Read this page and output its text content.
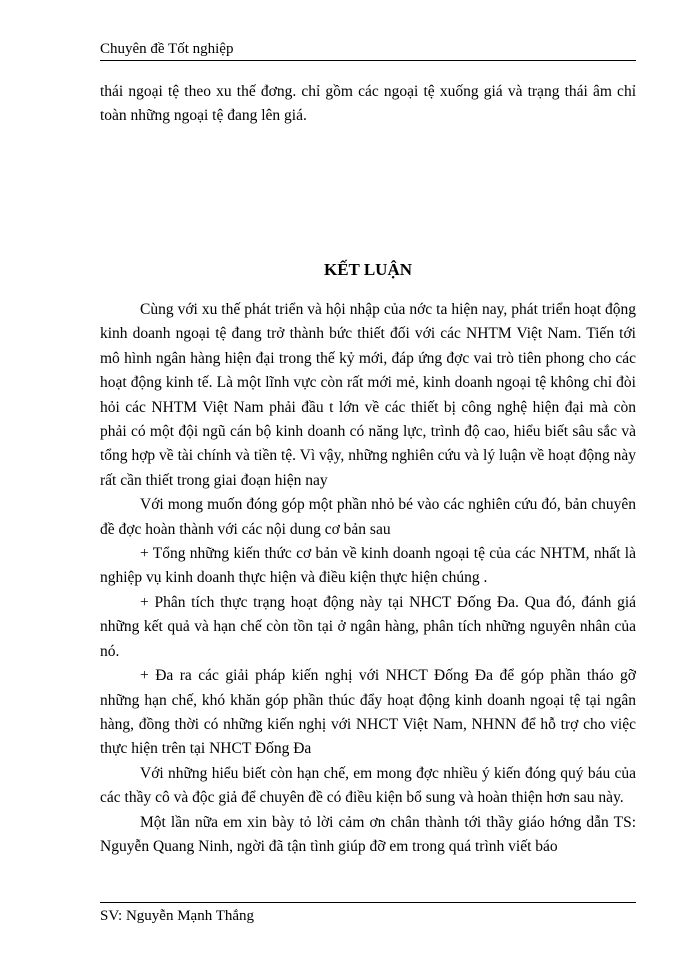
Chuyên đề Tốt nghiệp
thái ngoại tệ theo xu thế đơng. chỉ gồm các ngoại tệ xuống giá và trạng thái âm chỉ toàn những ngoại tệ đang lên giá.
KẾT LUẬN

Cùng với xu thế phát triển và hội nhập của nớc ta hiện nay, phát triển hoạt động kinh doanh ngoại tệ đang trở thành bức thiết đối với các NHTM Việt Nam. Tiến tới mô hình ngân hàng hiện đại trong thế kỷ mới, đáp ứng đợc vai trò tiên phong cho các hoạt động kinh tế. Là một lĩnh vực còn rất mới mẻ, kinh doanh ngoại tệ không chỉ đòi hỏi các NHTM Việt Nam phải đầu t lớn về các thiết bị công nghệ hiện đại mà còn phải có một đội ngũ cán bộ kinh doanh có năng lực, trình độ cao, hiểu biết sâu sắc và tổng hợp về tài chính và tiền tệ. Vì vậy, những nghiên cứu và lý luận về hoạt động này rất cần thiết trong giai đoạn hiện nay

Với mong muốn đóng góp một phần nhỏ bé vào các nghiên cứu đó, bản chuyên đề đợc hoàn thành với các nội dung cơ bản sau

+ Tổng những kiến thức cơ bản về kinh doanh ngoại tệ của các NHTM, nhất là nghiệp vụ kinh doanh thực hiện và điều kiện thực hiện chúng .

+ Phân tích thực trạng hoạt động này tại NHCT Đống Đa. Qua đó, đánh giá những kết quả và hạn chế còn tồn tại ở ngân hàng, phân tích những nguyên nhân của nó.

+ Đa ra các giải pháp kiến nghị với NHCT Đống Đa để góp phần tháo gỡ những hạn chế, khó khăn góp phần thúc đẩy hoạt động kinh doanh ngoại tệ tại ngân hàng, đồng thời có những kiến nghị với NHCT Việt Nam, NHNN để hỗ trợ cho việc thực hiện trên tại NHCT Đống Đa

Với những hiểu biết còn hạn chế, em mong đợc nhiều ý kiến đóng quý báu của các thầy cô và độc giả để chuyên đề có điều kiện bổ sung và hoàn thiện hơn sau này.

Một lần nữa em xin bày tỏ lời cảm ơn chân thành tới thầy giáo hớng dẫn TS: Nguyễn Quang Ninh, ngời đã tận tình giúp đỡ em trong quá trình viết báo

SV: Nguyễn Mạnh Thắng
